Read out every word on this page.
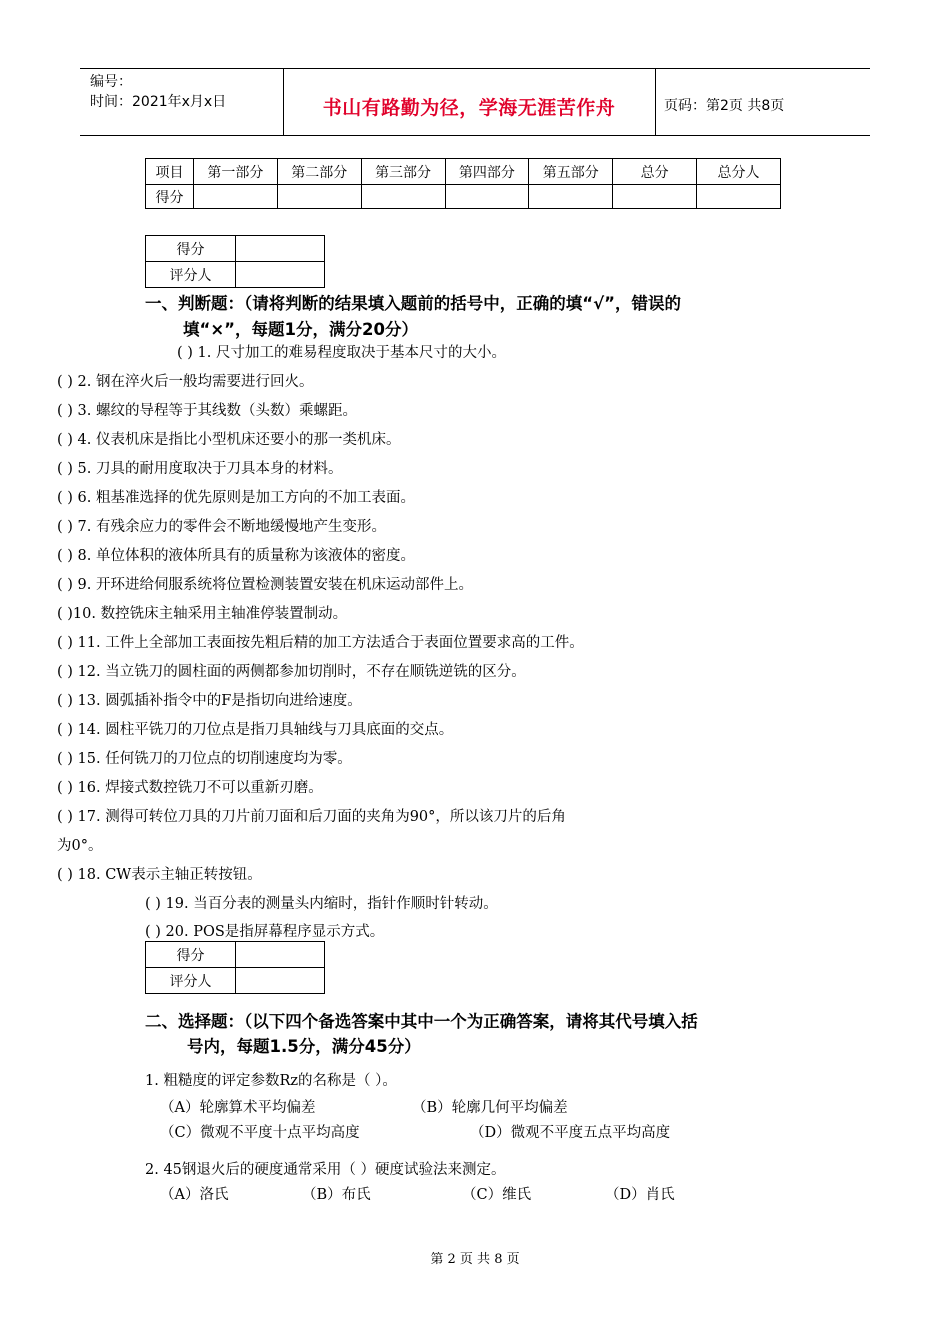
编号：
时间：2021年x月x日	书山有路勤为径，学海无涯苦作舟	页码：第2页 共8页
项目	第一部分	第二部分	第三部分	第四部分	第五部分	总分	总分人
得分							
得分	
评分人	
一、判断题：（请将判断的结果填入题前的括号中，正确的填“√”，错误的
填“×”，每题1分，满分20分）
( ) 1. 尺寸加工的难易程度取决于基本尺寸的大小。
( ) 2. 钢在淬火后一般均需要进行回火。
( ) 3. 螺纹的导程等于其线数（头数）乘螺距。
( ) 4. 仪表机床是指比小型机床还要小的那一类机床。
( ) 5. 刀具的耐用度取决于刀具本身的材料。
( ) 6. 粗基准选择的优先原则是加工方向的不加工表面。
( ) 7. 有残余应力的零件会不断地缓慢地产生变形。
( ) 8. 单位体积的液体所具有的质量称为该液体的密度。
( ) 9. 开环进给伺服系统将位置检测装置安装在机床运动部件上。
( )10. 数控铣床主轴采用主轴准停装置制动。
( ) 11. 工件上全部加工表面按先粗后精的加工方法适合于表面位置要求高的工件。
( ) 12. 当立铣刀的圆柱面的两侧都参加切削时，不存在顺铣逆铣的区分。
( ) 13. 圆弧插补指令中的F是指切向进给速度。
( ) 14. 圆柱平铣刀的刀位点是指刀具轴线与刀具底面的交点。
( ) 15. 任何铣刀的刀位点的切削速度均为零。
( ) 16. 焊接式数控铣刀不可以重新刃磨。
( ) 17. 测得可转位刀具的刀片前刀面和后刀面的夹角为90°，所以该刀片的后角
为0°。
( ) 18. CW表示主轴正转按钮。
( ) 19. 当百分表的测量头内缩时，指针作顺时针转动。
( ) 20. POS是指屏幕程序显示方式。
得分	
评分人	
二、选择题：（以下四个备选答案中其中一个为正确答案，请将其代号填入括
号内，每题1.5分，满分45分）
1. 粗糙度的评定参数Rz的名称是（ ）。
（A）轮廓算术平均偏差	（B）轮廓几何平均偏差
（C）微观不平度十点平均高度	（D）微观不平度五点平均高度
2. 45钢退火后的硬度通常采用（ ）硬度试验法来测定。
（A）洛氏	（B）布氏	（C）维氏	（D）肖氏
第 2 页 共 8 页
